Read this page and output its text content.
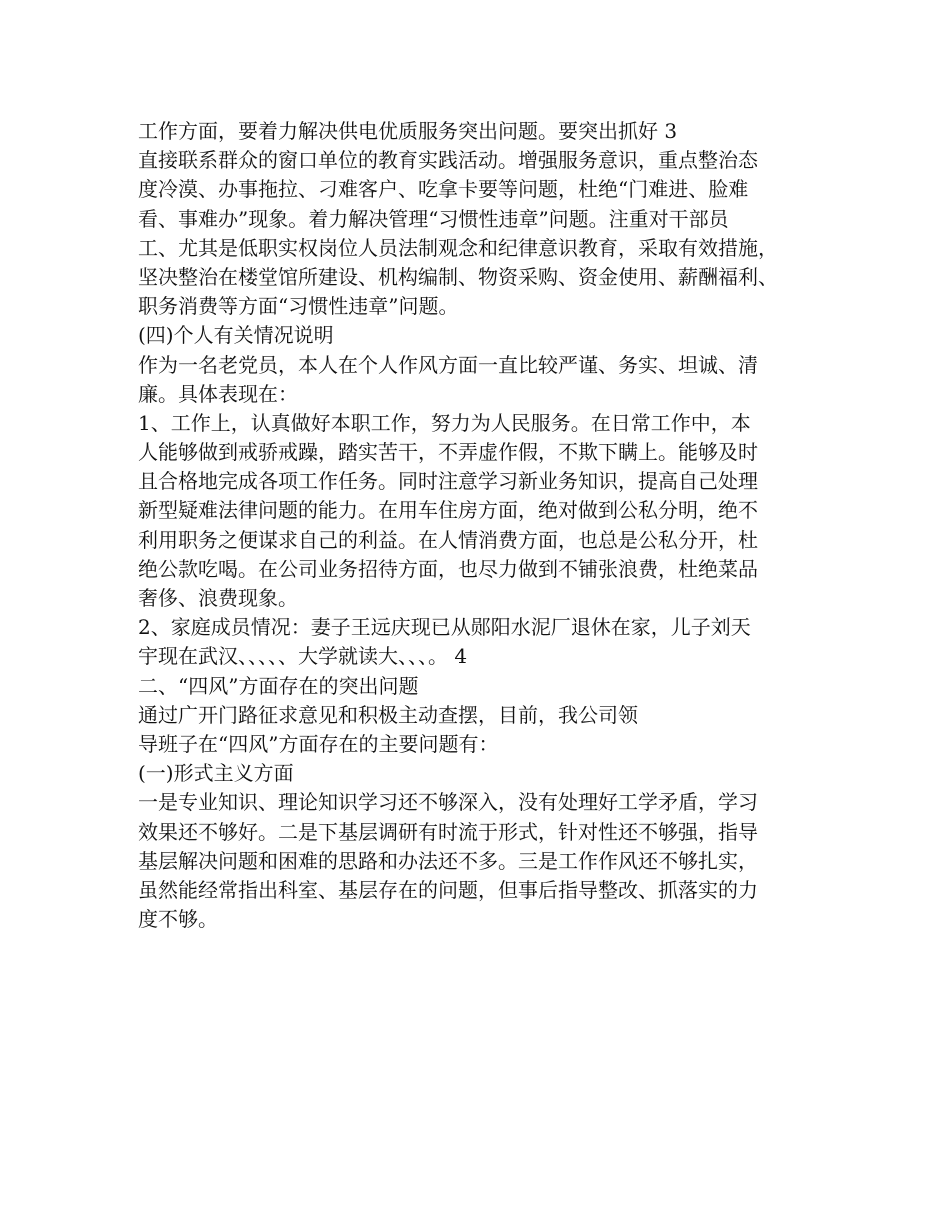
工作方面，要着力解决供电优质服务突出问题。要突出抓好 3
直接联系群众的窗口单位的教育实践活动。增强服务意识，重点整治态
度冷漠、办事拖拉、刁难客户、吃拿卡要等问题，杜绝“门难进、脸难
看、事难办”现象。着力解决管理“习惯性违章”问题。注重对干部员
工、尤其是低职实权岗位人员法制观念和纪律意识教育，采取有效措施，
坚决整治在楼堂馆所建设、机构编制、物资采购、资金使用、薪酬福利、
职务消费等方面“习惯性违章”问题。
(四)个人有关情况说明
作为一名老党员，本人在个人作风方面一直比较严谨、务实、坦诚、清
廉。具体表现在：
1、工作上，认真做好本职工作，努力为人民服务。在日常工作中，本
人能够做到戒骄戒躁，踏实苦干，不弄虚作假，不欺下瞒上。能够及时
且合格地完成各项工作任务。同时注意学习新业务知识，提高自己处理
新型疑难法律问题的能力。在用车住房方面，绝对做到公私分明，绝不
利用职务之便谋求自己的利益。在人情消费方面，也总是公私分开，杜
绝公款吃喝。在公司业务招待方面，也尽力做到不铺张浪费，杜绝菜品
奢侈、浪费现象。
2、家庭成员情况：妻子王远庆现已从郧阳水泥厂退休在家，儿子刘天
宇现在武汉、、、、、大学就读大、、、。 4
二、“四风”方面存在的突出问题
通过广开门路征求意见和积极主动查摆，目前，我公司领
导班子在“四风”方面存在的主要问题有：
(一)形式主义方面
一是专业知识、理论知识学习还不够深入，没有处理好工学矛盾，学习
效果还不够好。二是下基层调研有时流于形式，针对性还不够强，指导
基层解决问题和困难的思路和办法还不多。三是工作作风还不够扎实，
虽然能经常指出科室、基层存在的问题，但事后指导整改、抓落实的力
度不够。
